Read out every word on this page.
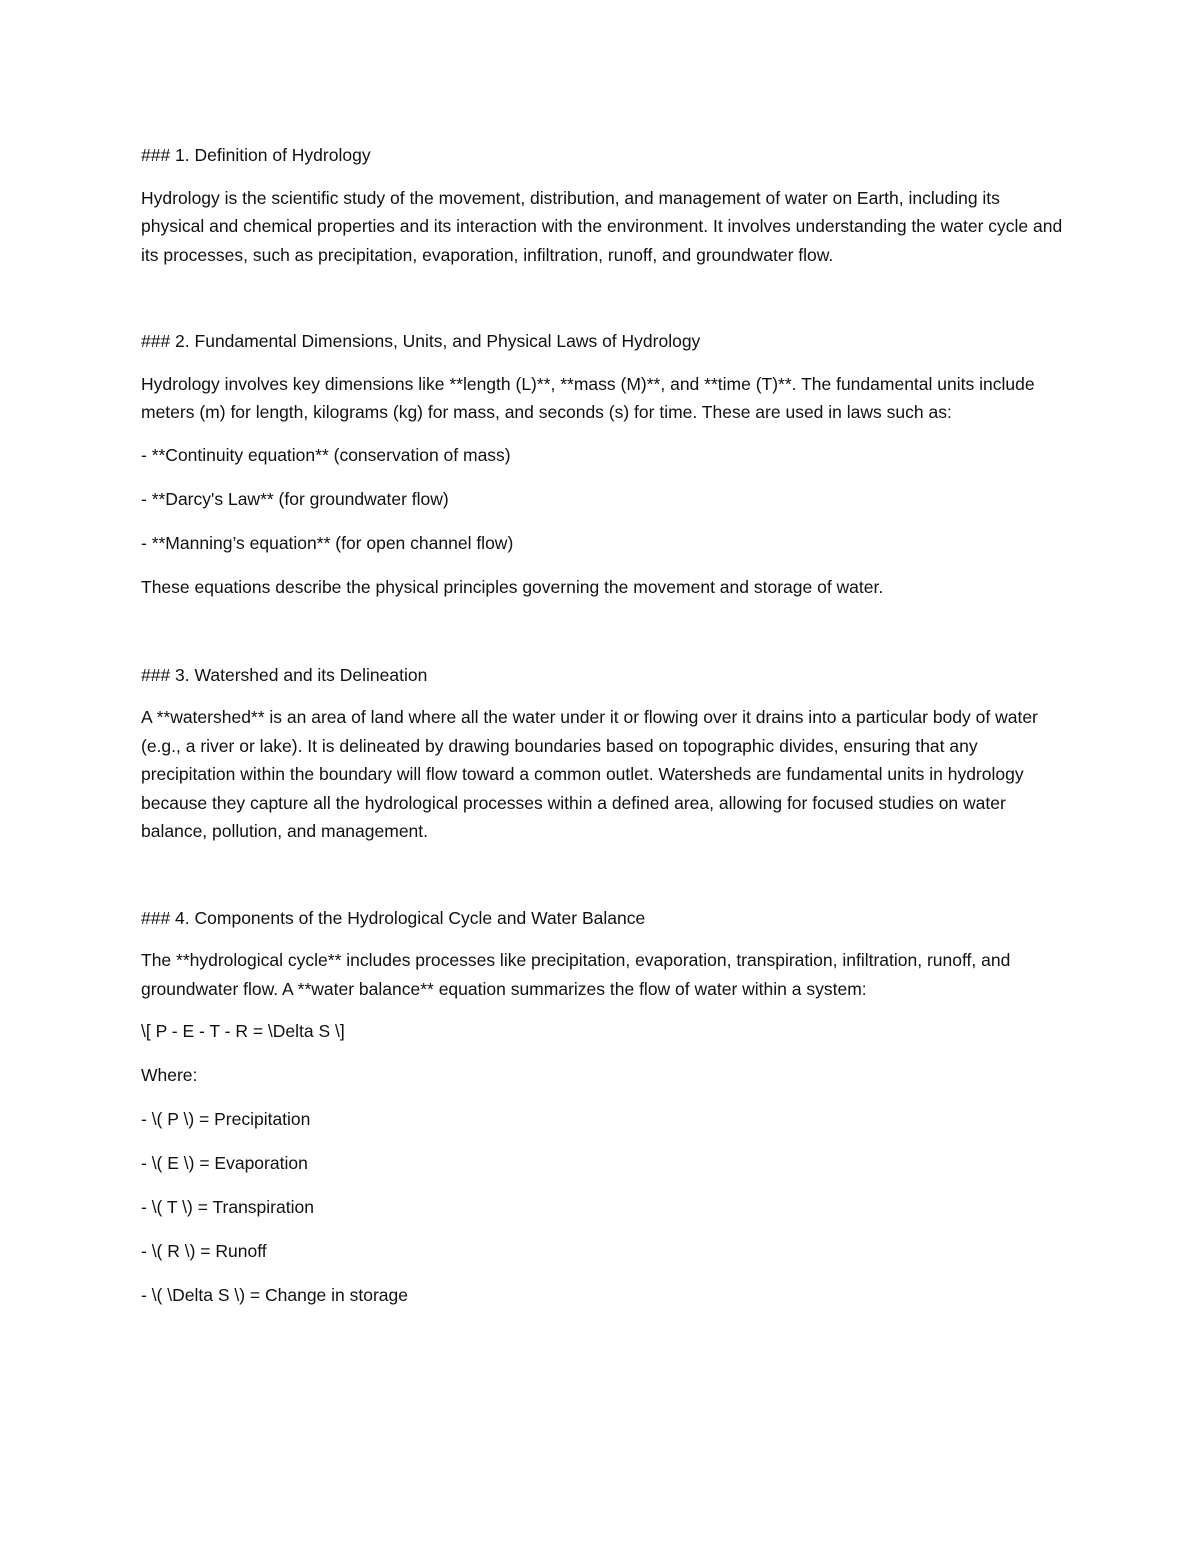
### 1. Definition of Hydrology
Hydrology is the scientific study of the movement, distribution, and management of water on Earth, including its physical and chemical properties and its interaction with the environment. It involves understanding the water cycle and its processes, such as precipitation, evaporation, infiltration, runoff, and groundwater flow.
### 2. Fundamental Dimensions, Units, and Physical Laws of Hydrology
Hydrology involves key dimensions like **length (L)**, **mass (M)**, and **time (T)**. The fundamental units include meters (m) for length, kilograms (kg) for mass, and seconds (s) for time. These are used in laws such as:
- **Continuity equation** (conservation of mass)
- **Darcy's Law** (for groundwater flow)
- **Manning’s equation** (for open channel flow)
These equations describe the physical principles governing the movement and storage of water.
### 3. Watershed and its Delineation
A **watershed** is an area of land where all the water under it or flowing over it drains into a particular body of water (e.g., a river or lake). It is delineated by drawing boundaries based on topographic divides, ensuring that any precipitation within the boundary will flow toward a common outlet. Watersheds are fundamental units in hydrology because they capture all the hydrological processes within a defined area, allowing for focused studies on water balance, pollution, and management.
### 4. Components of the Hydrological Cycle and Water Balance
The **hydrological cycle** includes processes like precipitation, evaporation, transpiration, infiltration, runoff, and groundwater flow. A **water balance** equation summarizes the flow of water within a system:
\[ P - E - T - R = \Delta S \]
Where:
- \( P \) = Precipitation
- \( E \) = Evaporation
- \( T \) = Transpiration
- \( R \) = Runoff
- \( \Delta S \) = Change in storage
